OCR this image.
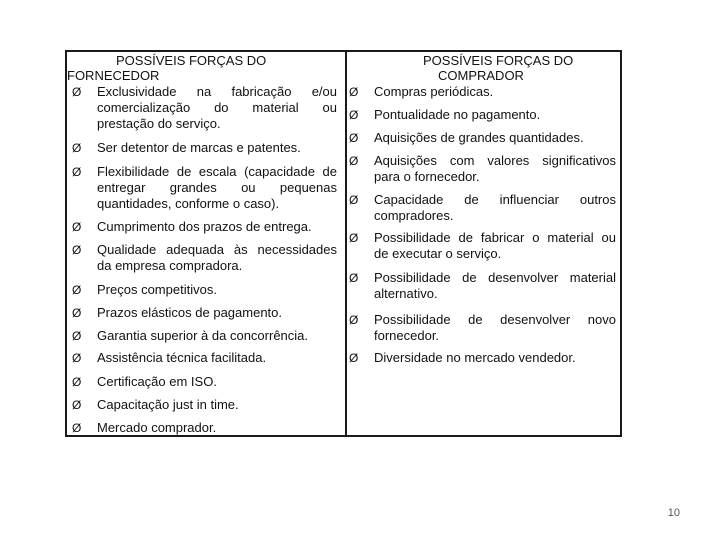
POSSÍVEIS FORÇAS DO
FORNECEDOR
POSSÍVEIS FORÇAS DO
COMPRADOR
Ø Exclusividade na fabricação e/ou
comercialização do material ou
prestação do serviço.
Ø Ser detentor de marcas e patentes.
Ø Flexibilidade de escala (capacidade de
entregar grandes ou pequenas
quantidades, conforme o caso).
Ø Cumprimento dos prazos de entrega.
Ø Qualidade adequada às necessidades
da empresa compradora.
Ø Preços competitivos.
Ø Prazos elásticos de pagamento.
Ø Garantia superior à da concorrência.
Ø Assistência técnica facilitada.
Ø Certificação em ISO.
Ø Capacitação just in time.
Ø Mercado comprador.
Ø Compras periódicas.
Ø Pontualidade no pagamento.
Ø Aquisições de grandes quantidades.
Ø Aquisições com valores significativos
para o fornecedor.
Ø Capacidade de influenciar outros
compradores.
Ø Possibilidade de fabricar o material ou
de executar o serviço.
Ø Possibilidade de desenvolver material
alternativo.
Ø Possibilidade de desenvolver novo
fornecedor.
Ø Diversidade no mercado vendedor.
10
